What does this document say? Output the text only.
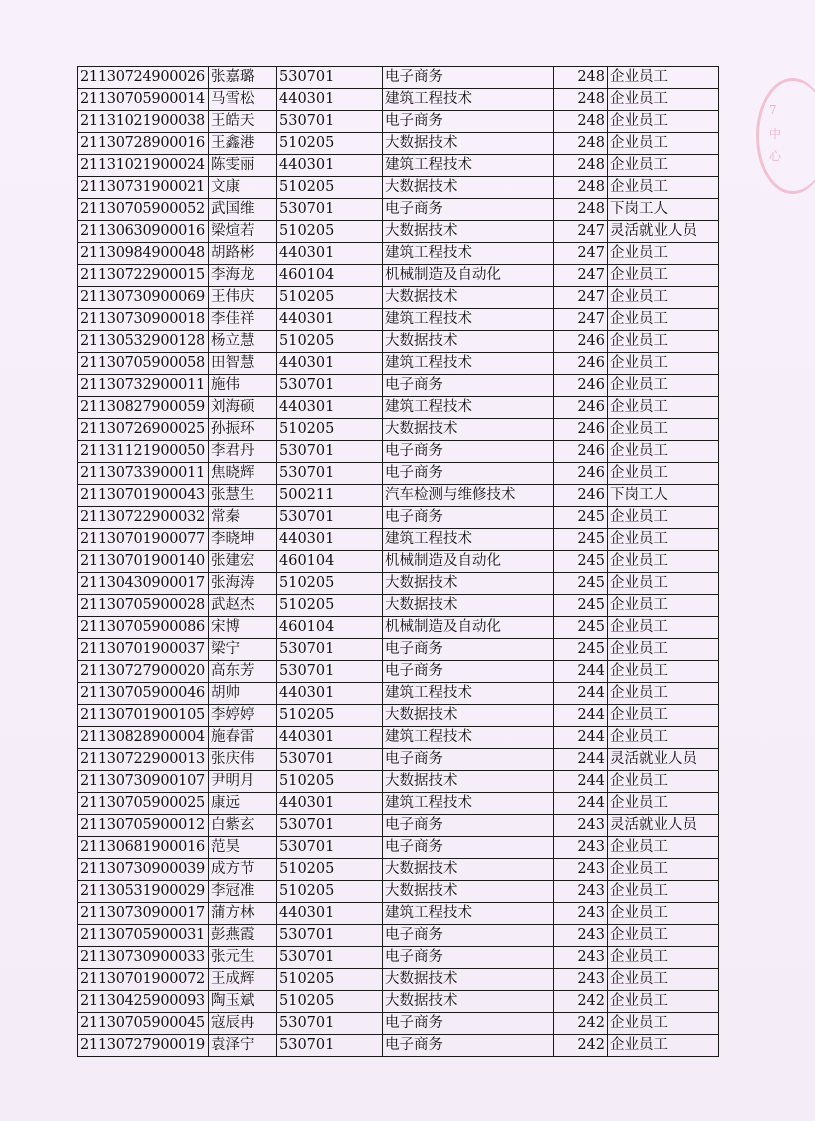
7
中
心
21130724900026	张嘉璐	530701	电子商务	248	企业员工
21130705900014	马雪松	440301	建筑工程技术	248	企业员工
21131021900038	王皓天	530701	电子商务	248	企业员工
21130728900016	王鑫港	510205	大数据技术	248	企业员工
21131021900024	陈雯丽	440301	建筑工程技术	248	企业员工
21130731900021	文康	510205	大数据技术	248	企业员工
21130705900052	武国维	530701	电子商务	248	下岗工人
21130630900016	梁煊若	510205	大数据技术	247	灵活就业人员
21130984900048	胡路彬	440301	建筑工程技术	247	企业员工
21130722900015	李海龙	460104	机械制造及自动化	247	企业员工
21130730900069	王伟庆	510205	大数据技术	247	企业员工
21130730900018	李佳祥	440301	建筑工程技术	247	企业员工
21130532900128	杨立慧	510205	大数据技术	246	企业员工
21130705900058	田智慧	440301	建筑工程技术	246	企业员工
21130732900011	施伟	530701	电子商务	246	企业员工
21130827900059	刘海硕	440301	建筑工程技术	246	企业员工
21130726900025	孙振环	510205	大数据技术	246	企业员工
21131121900050	李君丹	530701	电子商务	246	企业员工
21130733900011	焦晓辉	530701	电子商务	246	企业员工
21130701900043	张慧生	500211	汽车检测与维修技术	246	下岗工人
21130722900032	常秦	530701	电子商务	245	企业员工
21130701900077	李晓坤	440301	建筑工程技术	245	企业员工
21130701900140	张建宏	460104	机械制造及自动化	245	企业员工
21130430900017	张海涛	510205	大数据技术	245	企业员工
21130705900028	武赵杰	510205	大数据技术	245	企业员工
21130705900086	宋博	460104	机械制造及自动化	245	企业员工
21130701900037	梁宁	530701	电子商务	245	企业员工
21130727900020	高东芳	530701	电子商务	244	企业员工
21130705900046	胡帅	440301	建筑工程技术	244	企业员工
21130701900105	李婷婷	510205	大数据技术	244	企业员工
21130828900004	施春雷	440301	建筑工程技术	244	企业员工
21130722900013	张庆伟	530701	电子商务	244	灵活就业人员
21130730900107	尹明月	510205	大数据技术	244	企业员工
21130705900025	康远	440301	建筑工程技术	244	企业员工
21130705900012	白紫玄	530701	电子商务	243	灵活就业人员
21130681900016	范昊	530701	电子商务	243	企业员工
21130730900039	成方节	510205	大数据技术	243	企业员工
21130531900029	李冠准	510205	大数据技术	243	企业员工
21130730900017	蒲方林	440301	建筑工程技术	243	企业员工
21130705900031	彭燕霞	530701	电子商务	243	企业员工
21130730900033	张元生	530701	电子商务	243	企业员工
21130701900072	王成辉	510205	大数据技术	243	企业员工
21130425900093	陶玉斌	510205	大数据技术	242	企业员工
21130705900045	寇辰冉	530701	电子商务	242	企业员工
21130727900019	袁泽宁	530701	电子商务	242	企业员工
